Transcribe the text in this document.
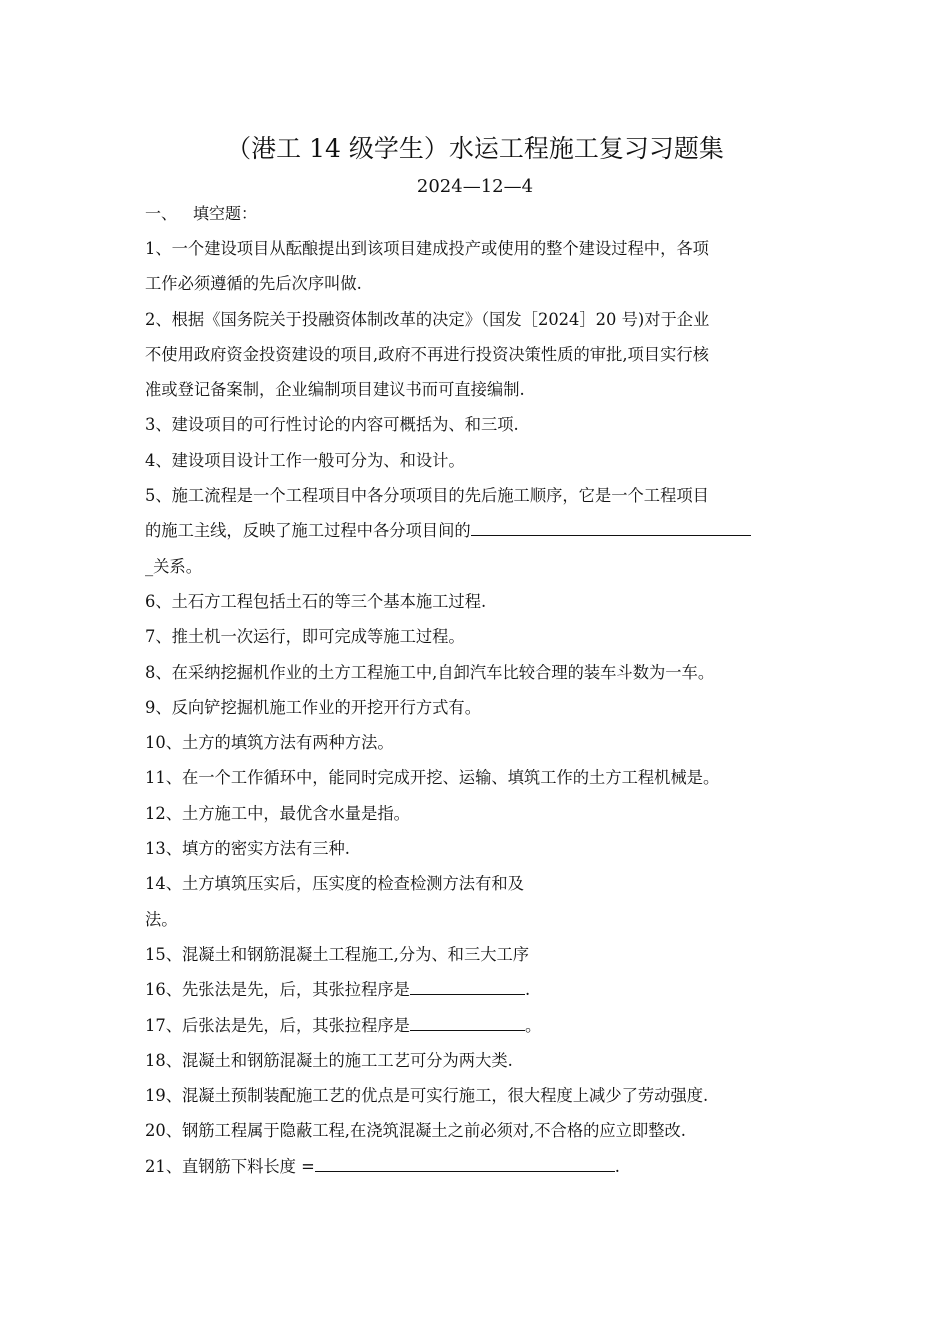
（港工 14 级学生）水运工程施工复习习题集
2024—12—4
一、 填空题：
1、一个建设项目从酝酿提出到该项目建成投产或使用的整个建设过程中，各项
工作必须遵循的先后次序叫做.
2、根据《国务院关于投融资体制改革的决定》（国发［2024］20 号)对于企业
不使用政府资金投资建设的项目,政府不再进行投资决策性质的审批,项目实行核
准或登记备案制，企业编制项目建议书而可直接编制.
3、建设项目的可行性讨论的内容可概括为、和三项.
4、建设项目设计工作一般可分为、和设计。
5、施工流程是一个工程项目中各分项项目的先后施工顺序，它是一个工程项目
的施工主线，反映了施工过程中各分项目间的
_关系。
6、土石方工程包括土石的等三个基本施工过程.
7、推土机一次运行，即可完成等施工过程。
8、在采纳挖掘机作业的土方工程施工中,自卸汽车比较合理的装车斗数为一车。
9、反向铲挖掘机施工作业的开挖开行方式有。
10、土方的填筑方法有两种方法。
11、在一个工作循环中，能同时完成开挖、运输、填筑工作的土方工程机械是。
12、土方施工中，最优含水量是指。
13、填方的密实方法有三种.
14、土方填筑压实后，压实度的检查检测方法有和及
法。
15、混凝土和钢筋混凝土工程施工,分为、和三大工序
16、先张法是先，后，其张拉程序是	.
17、后张法是先，后，其张拉程序是	。
18、混凝土和钢筋混凝土的施工工艺可分为两大类.
19、混凝土预制装配施工艺的优点是可实行施工，很大程度上减少了劳动强度.
20、钢筋工程属于隐蔽工程,在浇筑混凝土之前必须对,不合格的应立即整改.
21、直钢筋下料长度 =	.
